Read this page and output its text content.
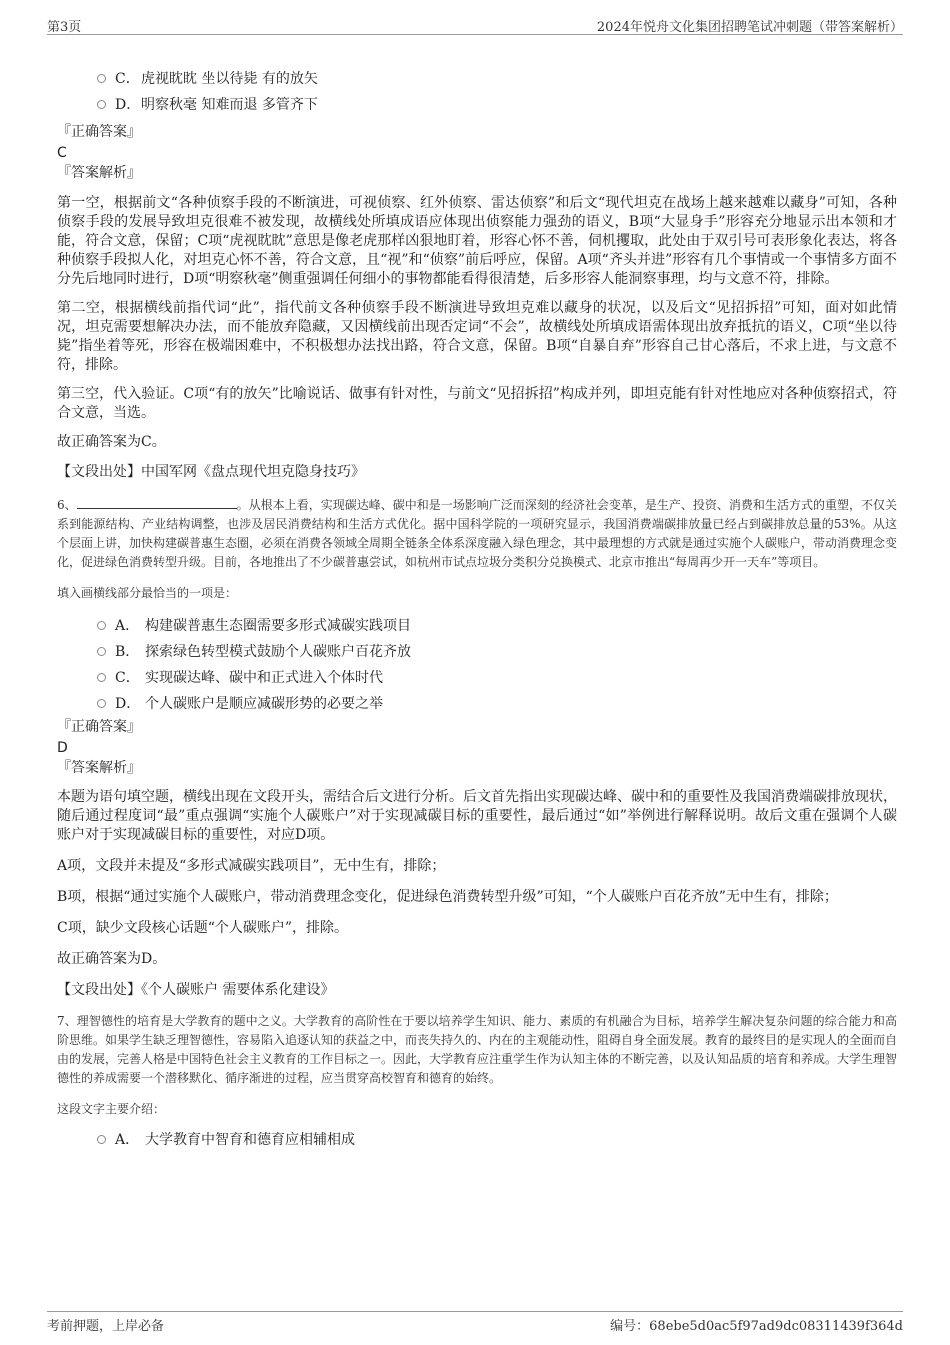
第3页	2024年悦舟文化集团招聘笔试冲刺题（带答案解析）
C． 虎视眈眈 坐以待毙 有的放矢
D． 明察秋毫 知难而退 多管齐下
『正确答案』
C
『答案解析』

第一空，根据前文“各种侦察手段的不断演进，可视侦察、红外侦察、雷达侦察”和后文“现代坦克在战场上越来越难以藏身”可知，各种侦察手段的发展导致坦克很难不被发现，故横线处所填成语应体现出侦察能力强劲的语义，B项“大显身手”形容充分地显示出本领和才能，符合文意，保留；C项“虎视眈眈”意思是像老虎那样凶狠地盯着，形容心怀不善，伺机攫取，此处由于双引号可表形象化表达，将各种侦察手段拟人化，对坦克心怀不善，符合文意，且“视”和“侦察”前后呼应，保留。A项“齐头并进”形容有几个事情或一个事情多方面不分先后地同时进行，D项“明察秋毫”侧重强调任何细小的事物都能看得很清楚，后多形容人能洞察事理，均与文意不符，排除。

第二空，根据横线前指代词“此”，指代前文各种侦察手段不断演进导致坦克难以藏身的状况，以及后文“见招拆招”可知，面对如此情况，坦克需要想解决办法，而不能放弃隐藏，又因横线前出现否定词“不会”，故横线处所填成语需体现出放弃抵抗的语义，C项“坐以待毙”指坐着等死，形容在极端困难中，不积极想办法找出路，符合文意，保留。B项“自暴自弃”形容自己甘心落后，不求上进，与文意不符，排除。

第三空，代入验证。C项“有的放矢”比喻说话、做事有针对性，与前文“见招拆招”构成并列，即坦克能有针对性地应对各种侦察招式，符合文意，当选。

故正确答案为C。

【文段出处】中国军网《盘点现代坦克隐身技巧》

6、	。从根本上看，实现碳达峰、碳中和是一场影响广泛而深刻的经济社会变革，是生产、投资、消费和生活方式的重塑，不仅关系到能源结构、产业结构调整，也涉及居民消费结构和生活方式优化。据中国科学院的一项研究显示，我国消费端碳排放量已经占到碳排放总量的53%。从这个层面上讲，加快构建碳普惠生态圈，必须在消费各领域全周期全链条全体系深度融入绿色理念，其中最理想的方式就是通过实施个人碳账户，带动消费理念变化，促进绿色消费转型升级。目前，各地推出了不少碳普惠尝试，如杭州市试点垃圾分类积分兑换模式、北京市推出“每周再少开一天车”等项目。

填入画横线部分最恰当的一项是：

A． 构建碳普惠生态圈需要多形式减碳实践项目
B． 探索绿色转型模式鼓励个人碳账户百花齐放
C． 实现碳达峰、碳中和正式进入个体时代
D． 个人碳账户是顺应减碳形势的必要之举
『正确答案』
D
『答案解析』

本题为语句填空题，横线出现在文段开头，需结合后文进行分析。后文首先指出实现碳达峰、碳中和的重要性及我国消费端碳排放现状，随后通过程度词“最”重点强调“实施个人碳账户”对于实现减碳目标的重要性，最后通过“如”举例进行解释说明。故后文重在强调个人碳账户对于实现减碳目标的重要性，对应D项。

A项，文段并未提及“多形式减碳实践项目”，无中生有，排除；

B项，根据“通过实施个人碳账户，带动消费理念变化，促进绿色消费转型升级”可知，“个人碳账户百花齐放”无中生有，排除；

C项，缺少文段核心话题“个人碳账户”，排除。

故正确答案为D。

【文段出处】《个人碳账户 需要体系化建设》

7、理智德性的培育是大学教育的题中之义。大学教育的高阶性在于要以培养学生知识、能力、素质的有机融合为目标，培养学生解决复杂问题的综合能力和高阶思维。如果学生缺乏理智德性，容易陷入追逐认知的获益之中，而丧失持久的、内在的主观能动性，阻碍自身全面发展。教育的最终目的是实现人的全面而自由的发展，完善人格是中国特色社会主义教育的工作目标之一。因此，大学教育应注重学生作为认知主体的不断完善，以及认知品质的培育和养成。大学生理智德性的养成需要一个潜移默化、循序渐进的过程，应当贯穿高校智育和德育的始终。

这段文字主要介绍：

A． 大学教育中智育和德育应相辅相成
考前押题，上岸必备	编号：68ebe5d0ac5f97ad9dc08311439f364d
